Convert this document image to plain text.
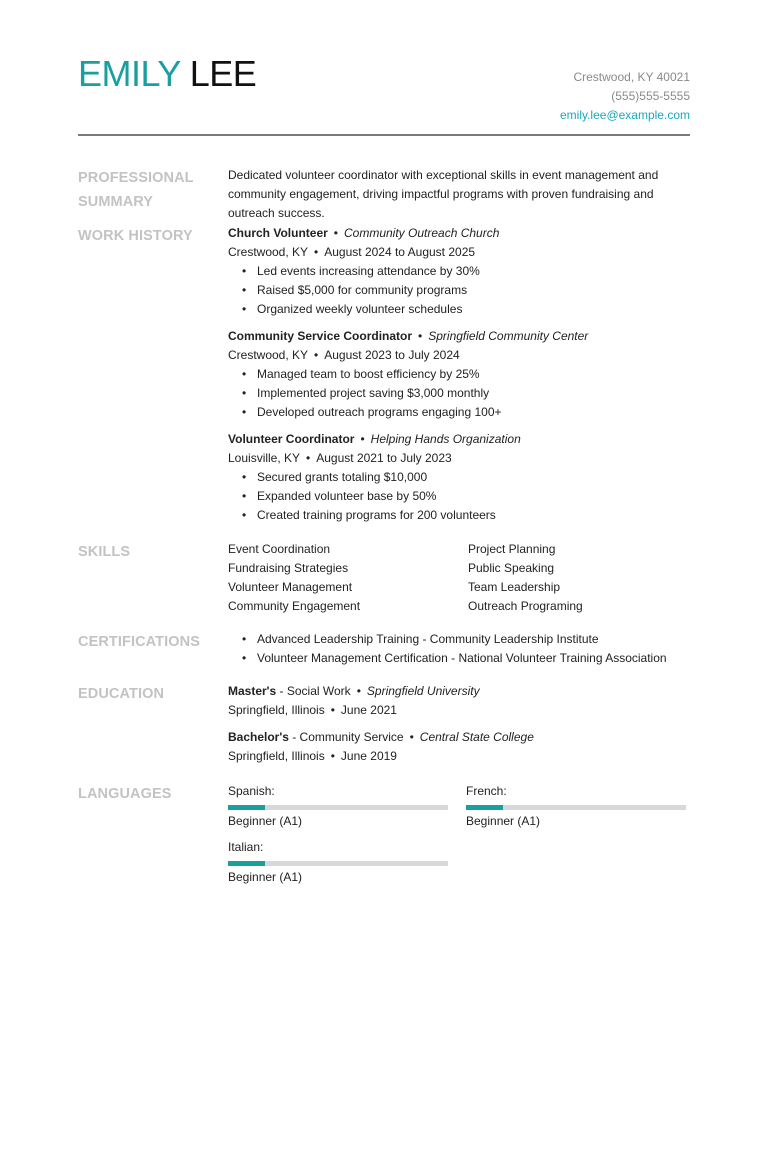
EMILY LEE	Crestwood, KY 40021
(555)555-5555
emily.lee@example.com
PROFESSIONAL
SUMMARY

Dedicated volunteer coordinator with exceptional skills in event management and community engagement, driving impactful programs with proven fundraising and outreach success.

WORK HISTORY	Church Volunteer • Community Outreach Church
Crestwood, KY • August 2024 to August 2025
• Led events increasing attendance by 30%
• Raised $5,000 for community programs
• Organized weekly volunteer schedules
Community Service Coordinator • Springfield Community Center
Crestwood, KY • August 2023 to July 2024
• Managed team to boost efficiency by 25%
• Implemented project saving $3,000 monthly
• Developed outreach programs engaging 100+
Volunteer Coordinator • Helping Hands Organization
Louisville, KY • August 2021 to July 2023
• Secured grants totaling $10,000
• Expanded volunteer base by 50%
• Created training programs for 200 volunteers
SKILLS	Event Coordination	Project Planning
Fundraising Strategies	Public Speaking
Volunteer Management	Team Leadership
Community Engagement	Outreach Programing
CERTIFICATIONS
•	Advanced Leadership Training - Community Leadership Institute
• Volunteer Management Certification - National Volunteer Training Association
EDUCATION	Master's - Social Work • Springfield University
Springfield, Illinois • June 2021
Bachelor's - Community Service • Central State College
Springfield, Illinois • June 2019
LANGUAGES	Spanish:
Beginner (A1)
French:
Beginner (A1)
Italian:
Beginner (A1)
